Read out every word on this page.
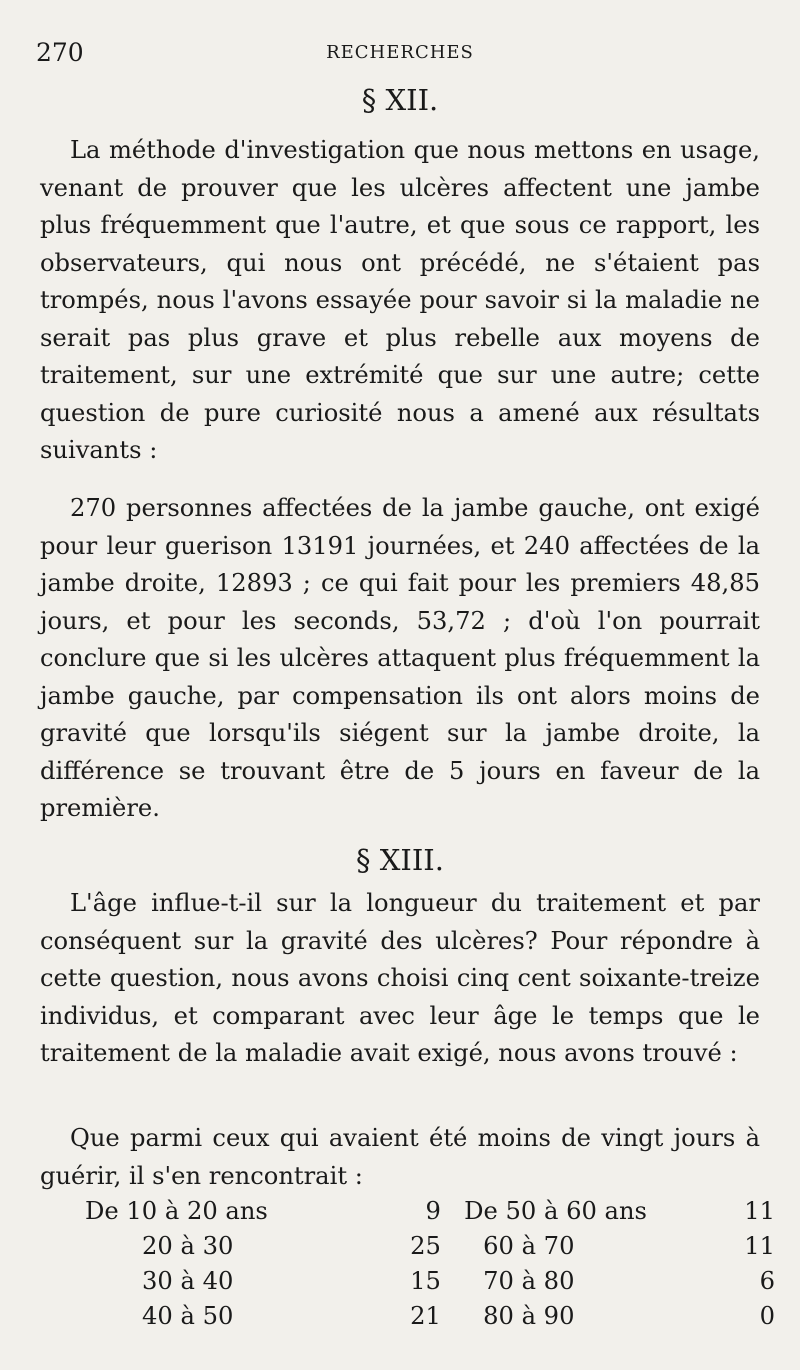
270	RECHERCHES
§ XII.

La méthode d'investigation que nous mettons en usage, venant de prouver que les ulcères affectent une jambe plus fréquemment que l'autre, et que sous ce rapport, les observateurs, qui nous ont précédé, ne s'étaient pas trompés, nous l'avons essayée pour savoir si la maladie ne serait pas plus grave et plus rebelle aux moyens de traitement, sur une extrémité que sur une autre; cette question de pure curiosité nous a amené aux résultats suivants :

270 personnes affectées de la jambe gauche, ont exigé pour leur guerison 13191 journées, et 240 affectées de la jambe droite, 12893 ; ce qui fait pour les premiers 48,85 jours, et pour les seconds, 53,72 ; d'où l'on pourrait conclure que si les ulcères attaquent plus fréquemment la jambe gauche, par compensation ils ont alors moins de gravité que lorsqu'ils siégent sur la jambe droite, la différence se trouvant être de 5 jours en faveur de la première.

§ XIII.

L'âge influe-t-il sur la longueur du traitement et par conséquent sur la gravité des ulcères? Pour répondre à cette question, nous avons choisi cinq cent soixante-treize individus, et comparant avec leur âge le temps que le traitement de la maladie avait exigé, nous avons trouvé :

Que parmi ceux qui avaient été moins de vingt jours à guérir, il s'en rencontrait :

De 10 à 20 ans	9		De 50 à 60 ans	11
20 à 30	25		60 à 70	11
30 à 40	15		70 à 80	6
40 à 50	21		80 à 90	0
